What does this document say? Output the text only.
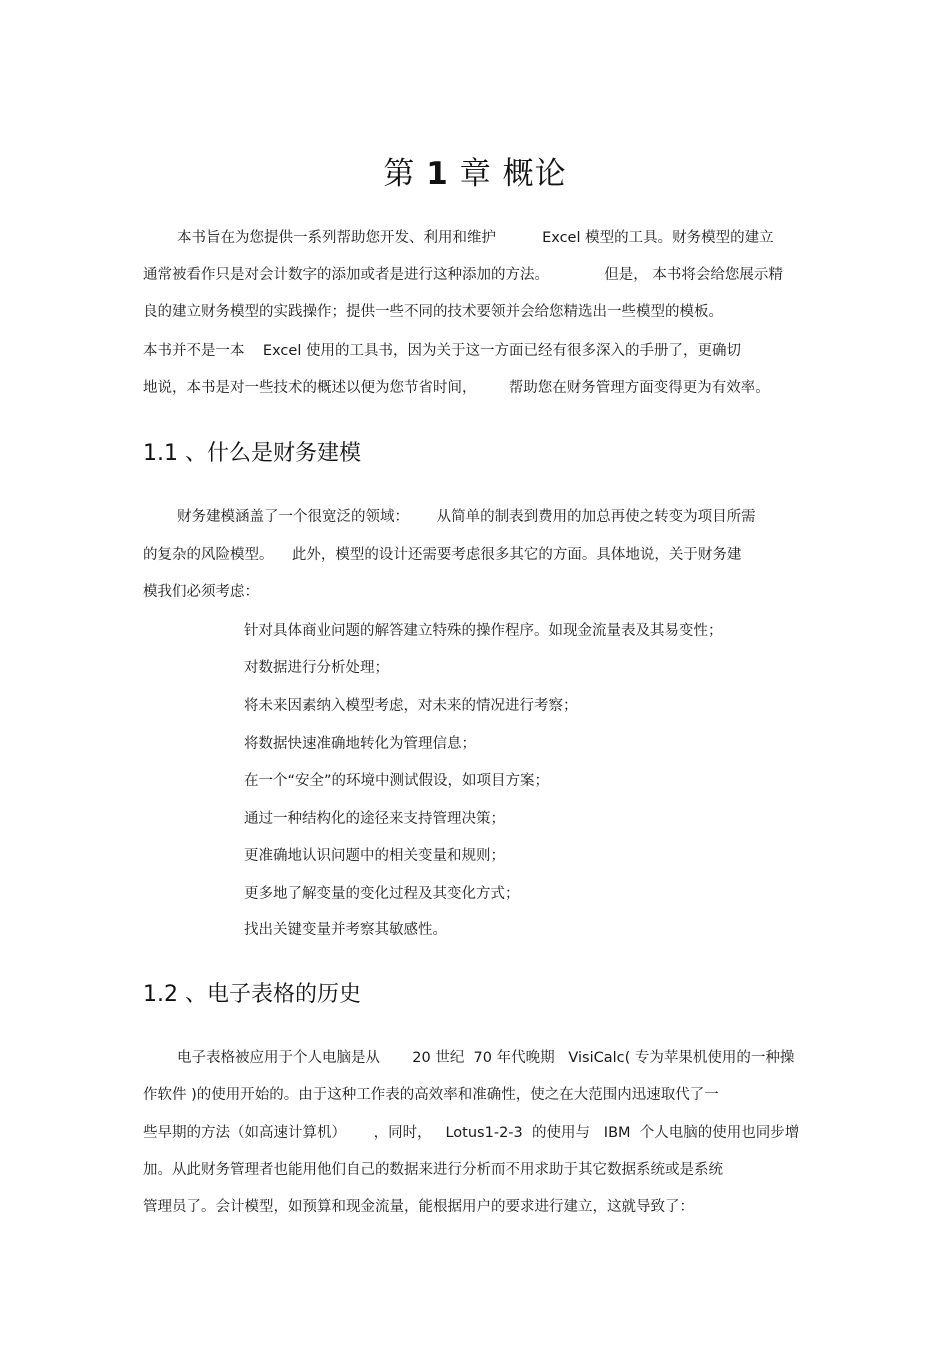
第 1 章 概论
本书旨在为您提供一系列帮助您开发、利用和维护          Excel 模型的工具。财务模型的建立
通常被看作只是对会计数字的添加或者是进行这种添加的方法。            但是， 本书将会给您展示精
良的建立财务模型的实践操作；提供一些不同的技术要领并会给您精选出一些模型的模板。
本书并不是一本    Excel 使用的工具书，因为关于这一方面已经有很多深入的手册了，更确切
地说，本书是对一些技术的概述以便为您节省时间，       帮助您在财务管理方面变得更为有效率。
1.1 、什么是财务建模
财务建模涵盖了一个很宽泛的领域：      从简单的制表到费用的加总再使之转变为项目所需
的复杂的风险模型。    此外，模型的设计还需要考虑很多其它的方面。具体地说，关于财务建
模我们必须考虑：
针对具体商业问题的解答建立特殊的操作程序。如现金流量表及其易变性；
对数据进行分析处理；
将未来因素纳入模型考虑，对未来的情况进行考察；
将数据快速准确地转化为管理信息；
在一个“安全”的环境中测试假设，如项目方案；
通过一种结构化的途径来支持管理决策；
更准确地认识问题中的相关变量和规则；
更多地了解变量的变化过程及其变化方式；
找出关键变量并考察其敏感性。
1.2 、电子表格的历史
电子表格被应用于个人电脑是从       20 世纪  70 年代晚期   VisiCalc( 专为苹果机使用的一种操
作软件 )的使用开始的。由于这种工作表的高效率和准确性，使之在大范围内迅速取代了一
些早期的方法（如高速计算机）      ，同时，   Lotus1-2-3  的使用与   IBM  个人电脑的使用也同步增
加。从此财务管理者也能用他们自己的数据来进行分析而不用求助于其它数据系统或是系统
管理员了。会计模型，如预算和现金流量，能根据用户的要求进行建立，这就导致了：
